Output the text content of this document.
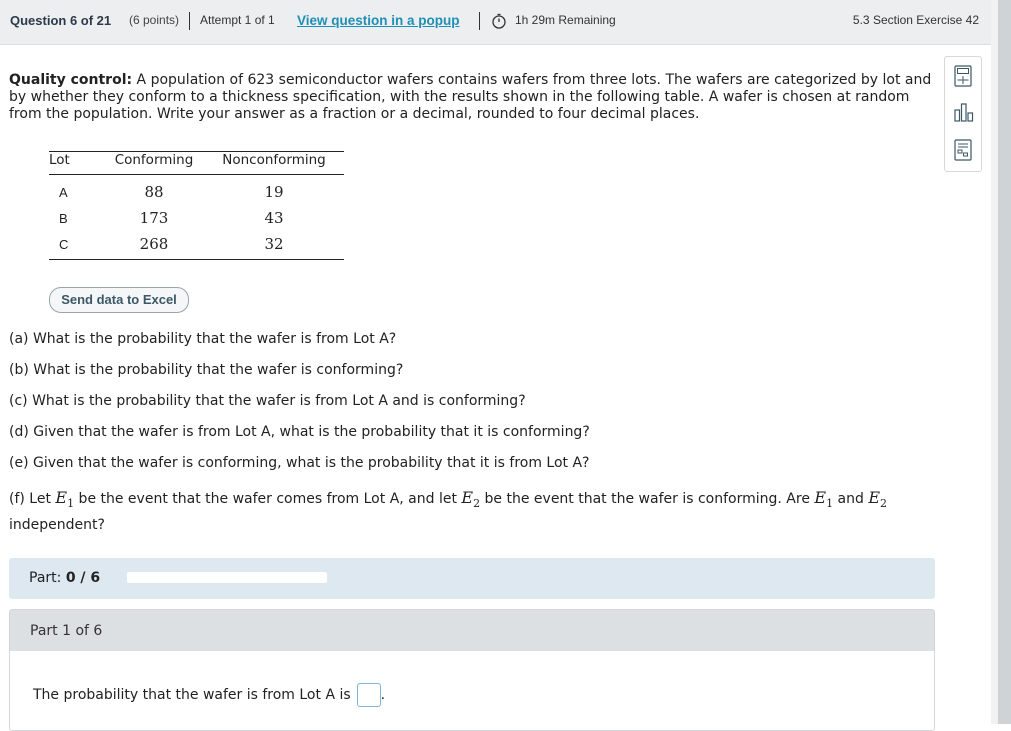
Question 6 of 21 (6 points) Attempt 1 of 1 View question in a popup	1h 29m Remaining	5.3 Section Exercise 42

Quality control: A population of 623 semiconductor wafers contains wafers from three lots. The wafers are categorized by lot and by whether they conform to a thickness specification, with the results shown in the following table. A wafer is chosen at random from the population. Write your answer as a fraction or a decimal, rounded to four decimal places.

Lot	Conforming	Nonconforming
A	88	19
B	173	43
C	268	32
Send data to Excel

(a) What is the probability that the wafer is from Lot A?

(b) What is the probability that the wafer is conforming?

(c) What is the probability that the wafer is from Lot A and is conforming?

(d) Given that the wafer is from Lot A, what is the probability that it is conforming?

(e) Given that the wafer is conforming, what is the probability that it is from Lot A?

(f) Let $E_1$ be the event that the wafer comes from Lot A, and let $E_2$ be the event that the wafer is conforming. Are $E_1$ and $E_2$

independent?

Part: 0 / 6
Part 1 of 6
The probability that the wafer is from Lot A is .
